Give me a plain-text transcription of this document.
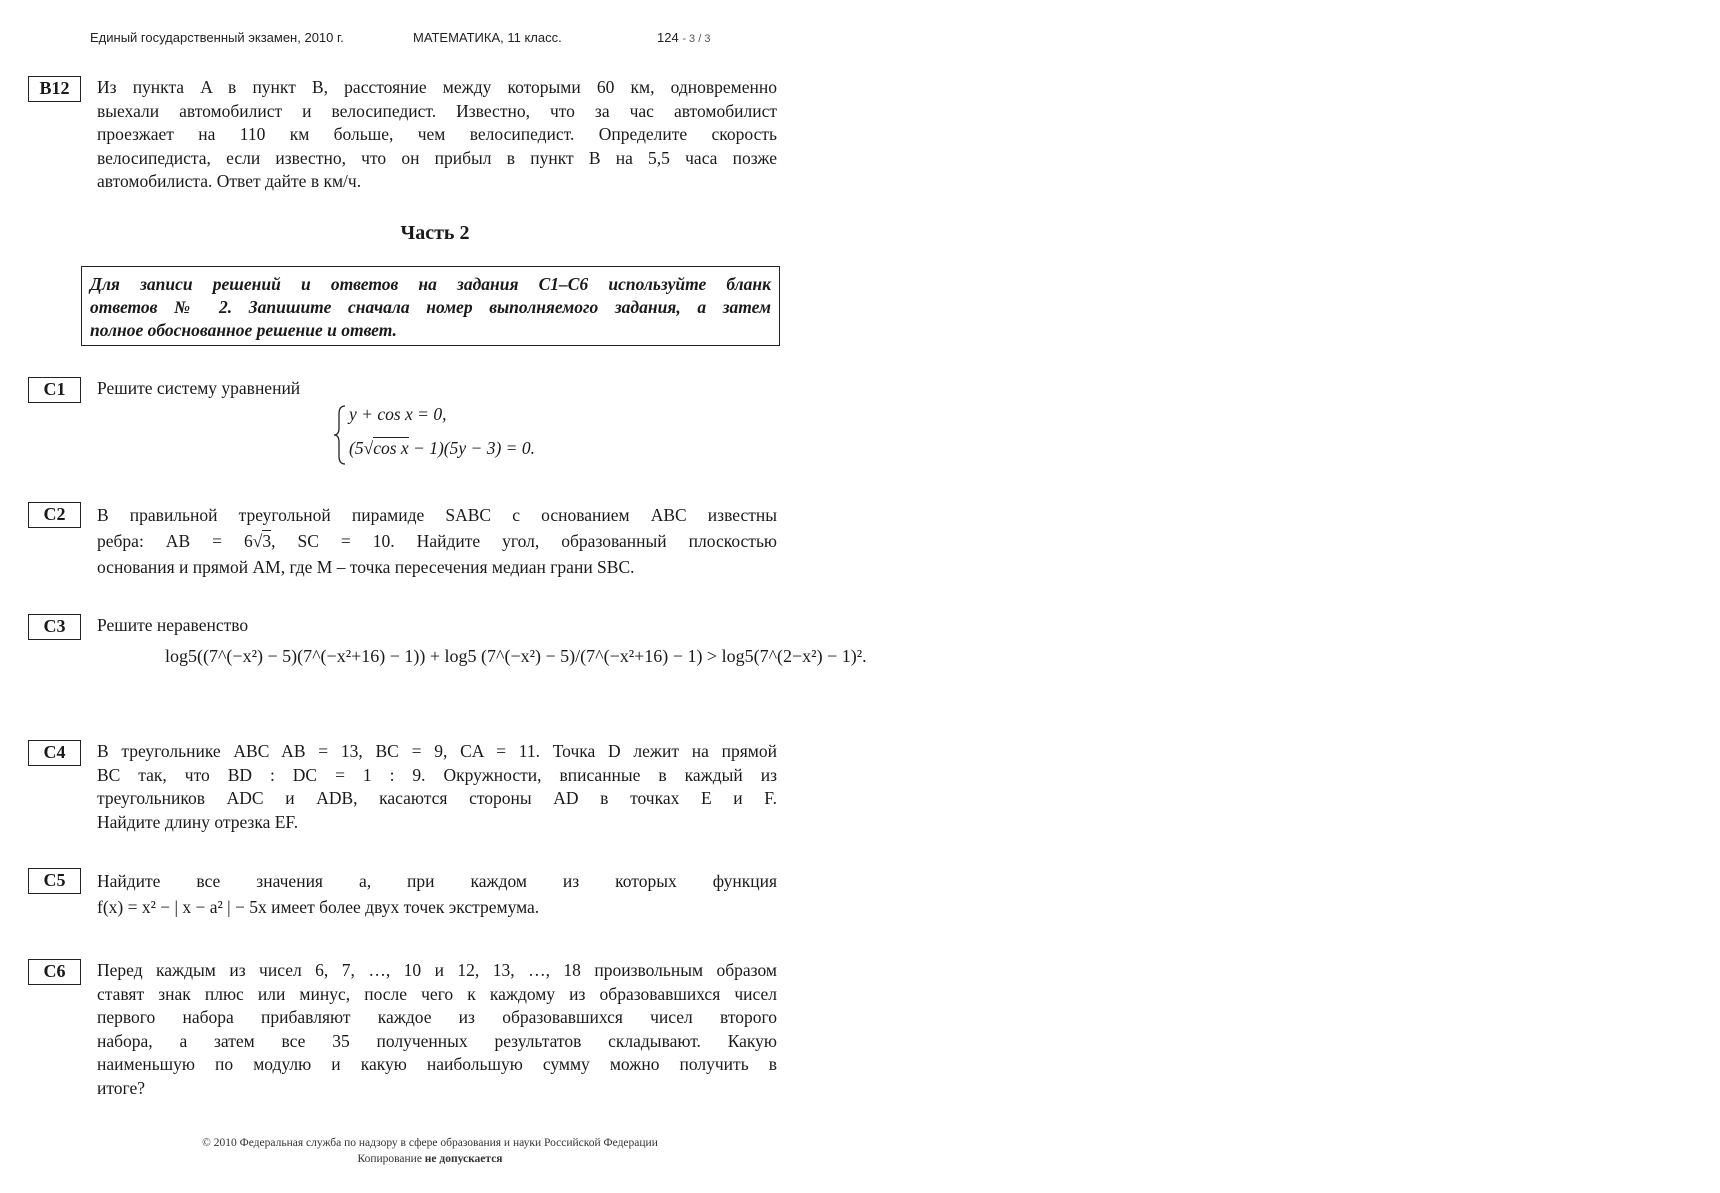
Единый государственный экзамен, 2010 г.	МАТЕМАТИКА, 11 класс.	124 - 3 / 3
B12	Из пункта A в пункт B, расстояние между которыми 60 км, одновременно
выехали автомобилист и велосипедист. Известно, что за час автомобилист
проезжает на 110 км больше, чем велосипедист. Определите скорость
велосипедиста, если известно, что он прибыл в пункт B на 5,5 часа позже
автомобилиста. Ответ дайте в км/ч.
Часть 2
Для записи решений и ответов на задания C1–C6 используйте бланк
ответов № 2. Запишите сначала номер выполняемого задания, а затем
полное обоснованное решение и ответ.
C1	Решите систему уравнений
y + cos x = 0,
(5√cos x − 1)(5y − 3) = 0.
C2	В правильной треугольной пирамиде SABC с основанием ABC известны
ребра: AB = 6√3, SC = 10. Найдите угол, образованный плоскостью
основания и прямой AM, где M – точка пересечения медиан грани SBC.
C3	Решите неравенство
log5((7^(−x²) − 5)(7^(−x²+16) − 1)) + log5 (7^(−x²) − 5)/(7^(−x²+16) − 1) > log5(7^(2−x²) − 1)².
C4	В треугольнике ABC AB = 13, BC = 9, CA = 11. Точка D лежит на прямой
BC так, что BD : DC = 1 : 9. Окружности, вписанные в каждый из
треугольников ADC и ADB, касаются стороны AD в точках E и F.
Найдите длину отрезка EF.
C5	Найдите все значения a, при каждом из которых функция
f(x) = x² − | x − a² | − 5x имеет более двух точек экстремума.
C6	Перед каждым из чисел 6, 7, …, 10 и 12, 13, …, 18 произвольным образом
ставят знак плюс или минус, после чего к каждому из образовавшихся чисел
первого набора прибавляют каждое из образовавшихся чисел второго
набора, а затем все 35 полученных результатов складывают. Какую
наименьшую по модулю и какую наибольшую сумму можно получить в
итоге?
© 2010 Федеральная служба по надзору в сфере образования и науки Российской Федерации
Копирование не допускается
